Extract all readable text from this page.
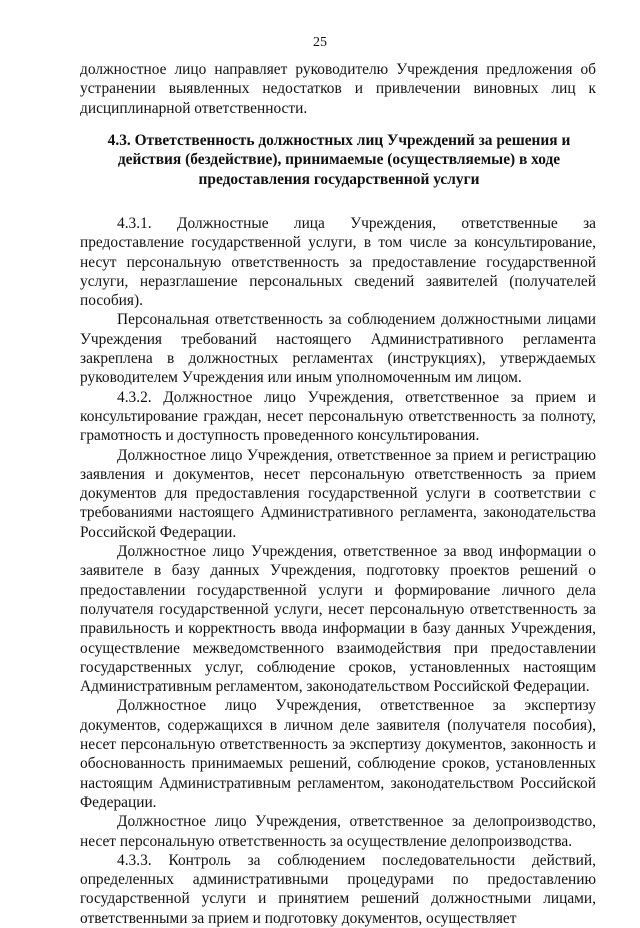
25

должностное лицо направляет руководителю Учреждения предложения об устранении выявленных недостатков и привлечении виновных лиц к дисциплинарной ответственности.

4.3. Ответственность должностных лиц Учреждений за решения и действия (бездействие), принимаемые (осуществляемые) в ходе предоставления государственной услуги

4.3.1. Должностные лица Учреждения, ответственные за предоставление государственной услуги, в том числе за консультирование, несут персональную ответственность за предоставление государственной услуги, неразглашение персональных сведений заявителей (получателей пособия).

Персональная ответственность за соблюдением должностными лицами Учреждения требований настоящего Административного регламента закреплена в должностных регламентах (инструкциях), утверждаемых руководителем Учреждения или иным уполномоченным им лицом.

4.3.2. Должностное лицо Учреждения, ответственное за прием и консультирование граждан, несет персональную ответственность за полноту, грамотность и доступность проведенного консультирования.

Должностное лицо Учреждения, ответственное за прием и регистрацию заявления и документов, несет персональную ответственность за прием документов для предоставления государственной услуги в соответствии с требованиями настоящего Административного регламента, законодательства Российской Федерации.

Должностное лицо Учреждения, ответственное за ввод информации о заявителе в базу данных Учреждения, подготовку проектов решений о предоставлении государственной услуги и формирование личного дела получателя государственной услуги, несет персональную ответственность за правильность и корректность ввода информации в базу данных Учреждения, осуществление межведомственного взаимодействия при предоставлении государственных услуг, соблюдение сроков, установленных настоящим Административным регламентом, законодательством Российской Федерации.

Должностное лицо Учреждения, ответственное за экспертизу документов, содержащихся в личном деле заявителя (получателя пособия), несет персональную ответственность за экспертизу документов, законность и обоснованность принимаемых решений, соблюдение сроков, установленных настоящим Административным регламентом, законодательством Российской Федерации.

Должностное лицо Учреждения, ответственное за делопроизводство, несет персональную ответственность за осуществление делопроизводства.

4.3.3. Контроль за соблюдением последовательности действий, определенных административными процедурами по предоставлению государственной услуги и принятием решений должностными лицами, ответственными за прием и подготовку документов, осуществляет
